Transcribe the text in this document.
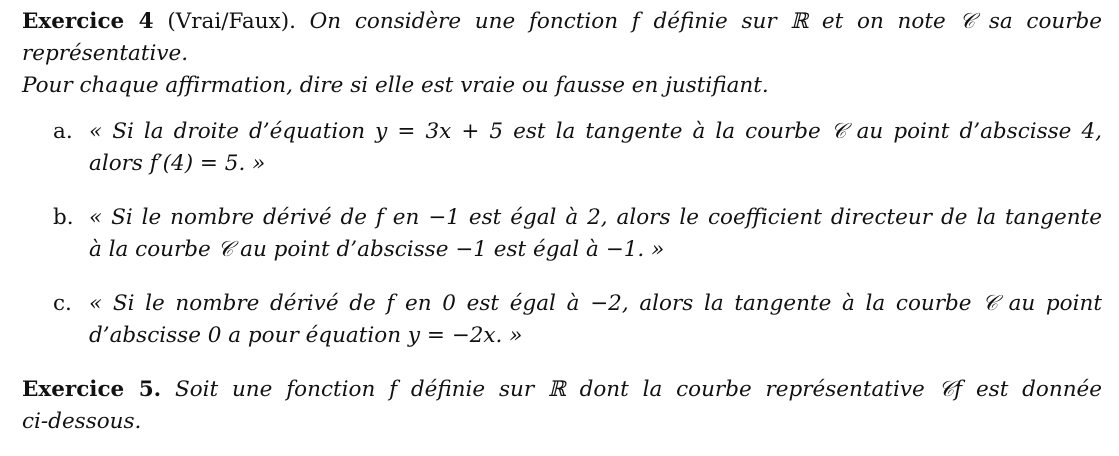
Exercice 4 (Vrai/Faux). On considère une fonction f définie sur ℝ et on note 𝒞 sa courbe
représentative.
Pour chaque affirmation, dire si elle est vraie ou fausse en justifiant.
a. « Si la droite d’équation y = 3x + 5 est la tangente à la courbe 𝒞 au point d’abscisse 4,
alors f′(4) = 5. »
b. « Si le nombre dérivé de f en −1 est égal à 2, alors le coefficient directeur de la tangente
à la courbe 𝒞 au point d’abscisse −1 est égal à −1. »
c. « Si le nombre dérivé de f en 0 est égal à −2, alors la tangente à la courbe 𝒞 au point
d’abscisse 0 a pour équation y = −2x. »
Exercice 5. Soit une fonction f définie sur ℝ dont la courbe représentative 𝒞f est donnée
ci-dessous.
